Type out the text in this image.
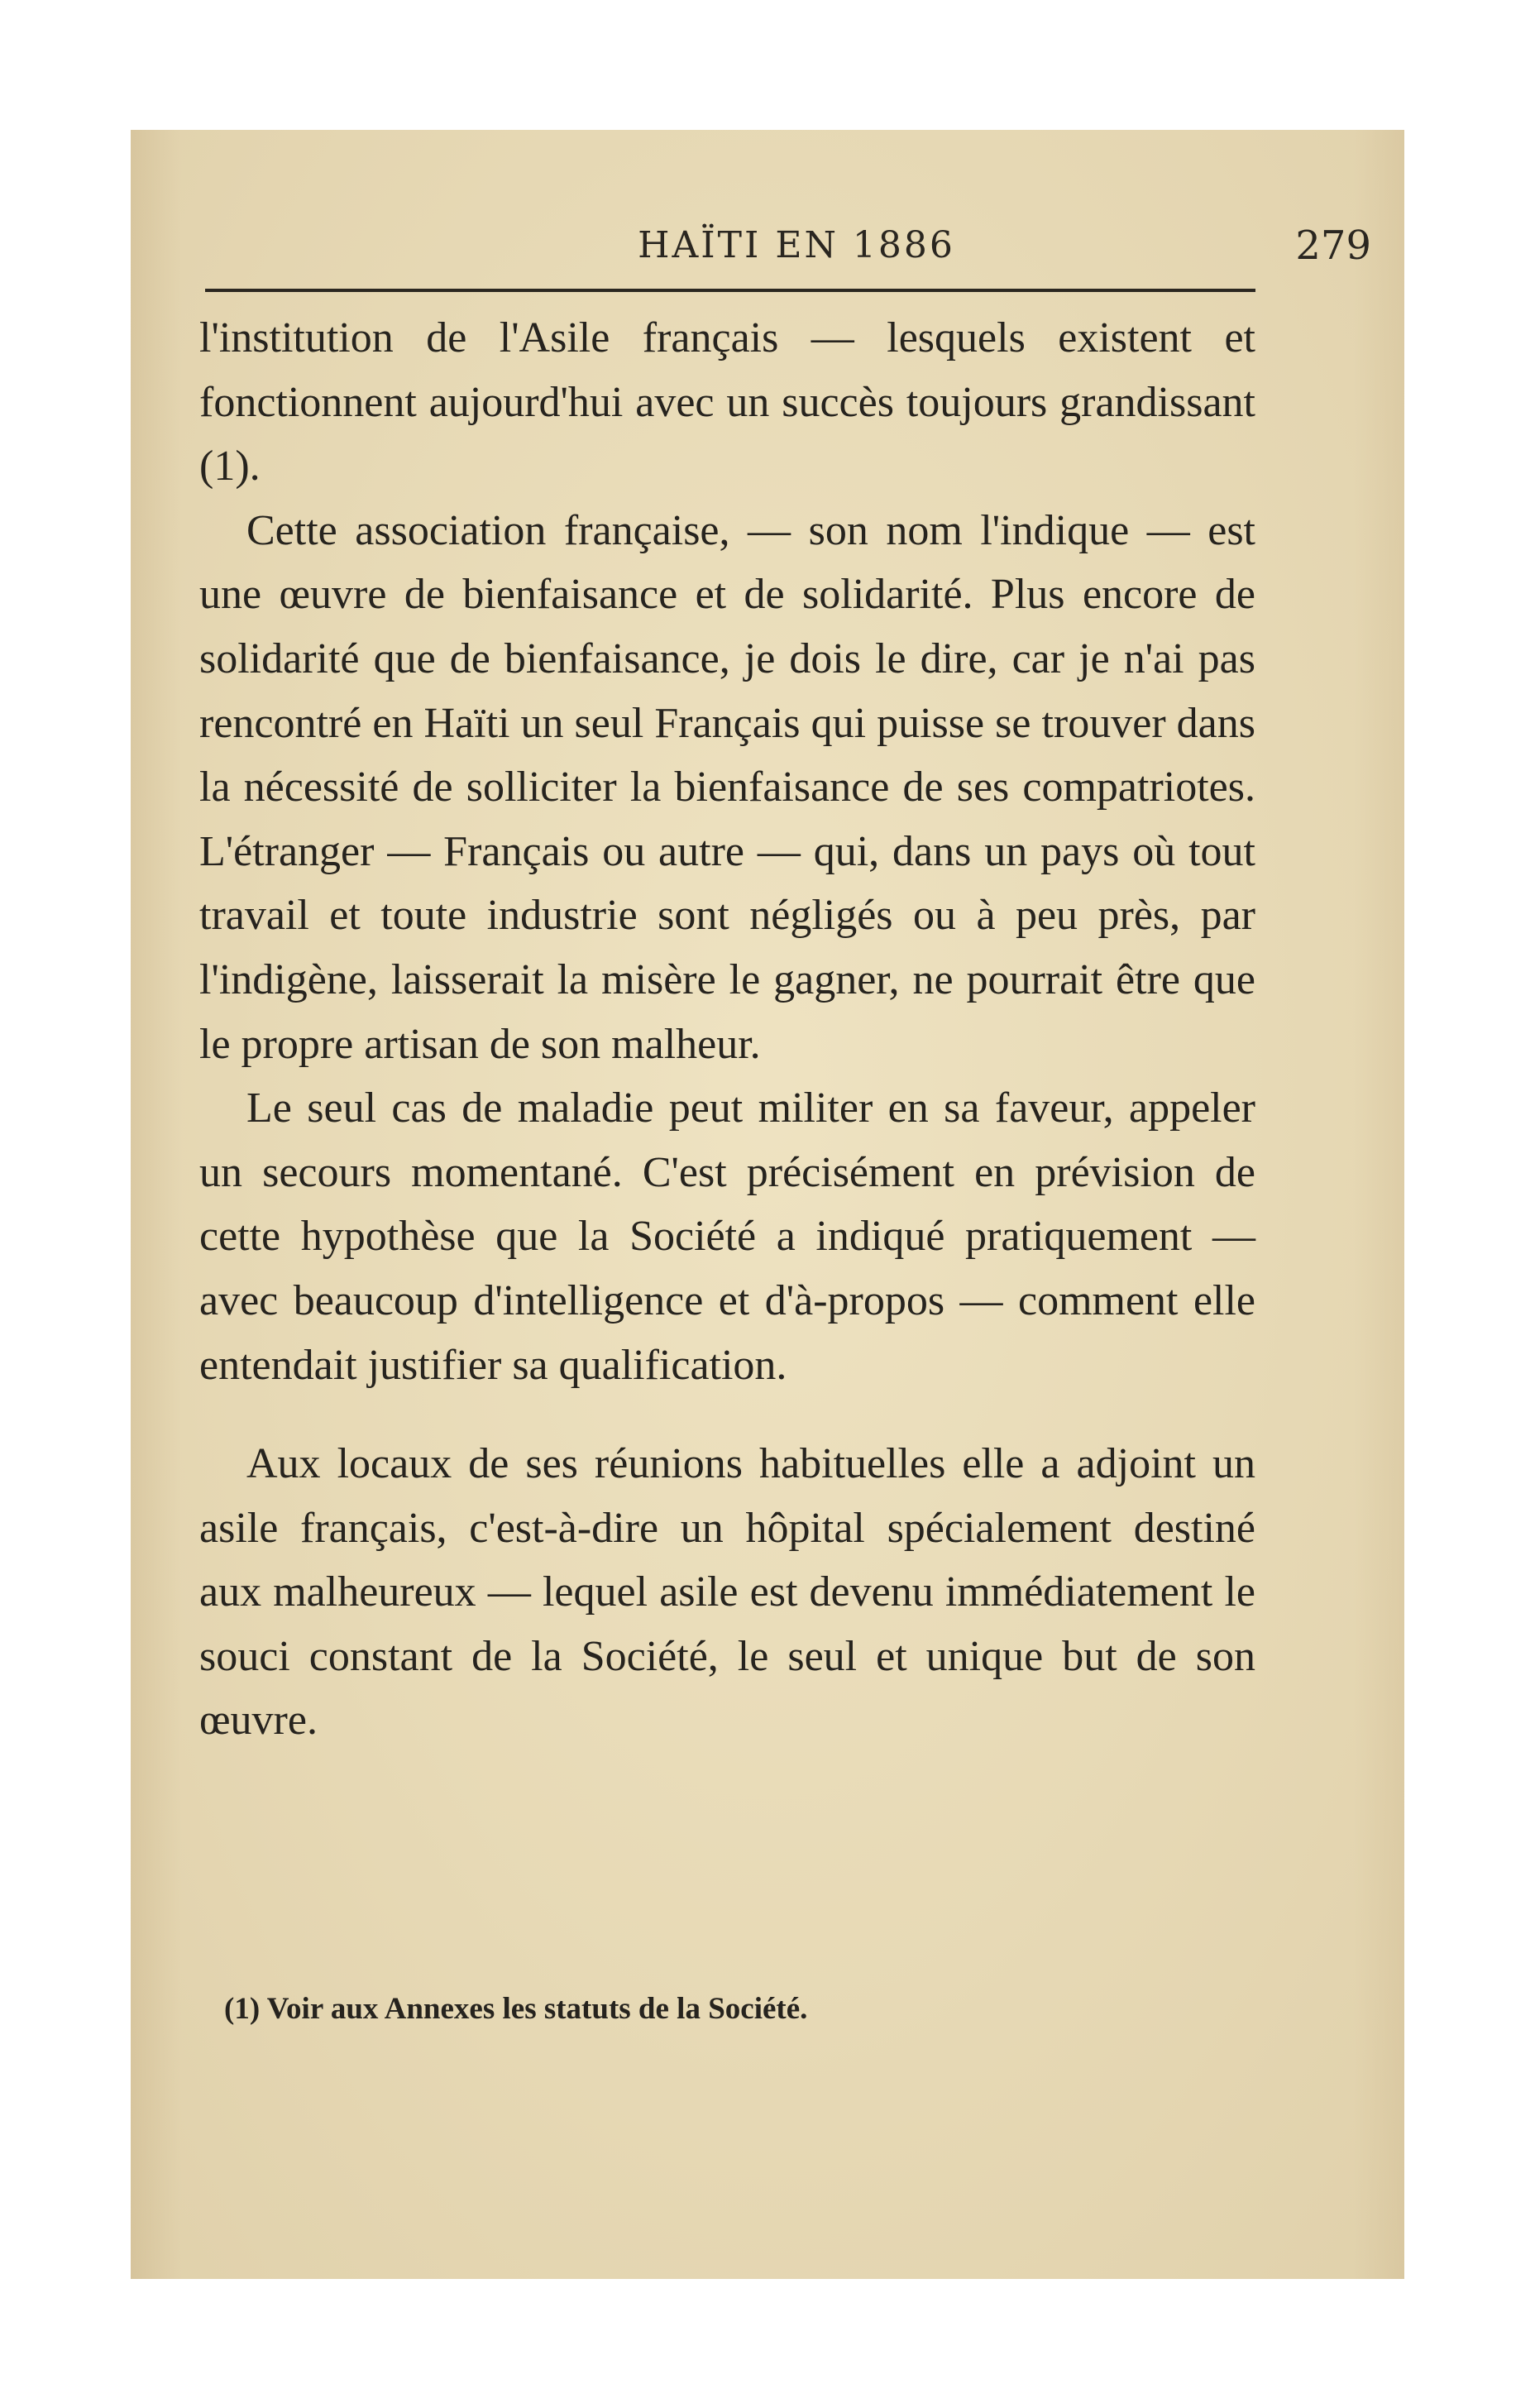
HAÏTI EN 1886	279

l'institution de l'Asile français — lesquels existent et fonctionnent aujourd'hui avec un succès toujours grandissant (1).

Cette association française, — son nom l'indique — est une œuvre de bienfaisance et de solidarité. Plus encore de solidarité que de bienfaisance, je dois le dire, car je n'ai pas rencontré en Haïti un seul Français qui puisse se trouver dans la nécessité de solliciter la bienfaisance de ses compatriotes. L'étranger — Français ou autre — qui, dans un pays où tout travail et toute industrie sont négligés ou à peu près, par l'indigène, laisserait la misère le gagner, ne pourrait être que le propre artisan de son malheur.

Le seul cas de maladie peut militer en sa faveur, appeler un secours momentané. C'est précisément en prévision de cette hypothèse que la Société a indiqué pratiquement — avec beaucoup d'intelligence et d'à-propos — comment elle entendait justifier sa qualification.

Aux locaux de ses réunions habituelles elle a adjoint un asile français, c'est-à-dire un hôpital spécialement destiné aux malheureux — lequel asile est devenu immédiatement le souci constant de la Société, le seul et unique but de son œuvre.

(1) Voir aux Annexes les statuts de la Société.
